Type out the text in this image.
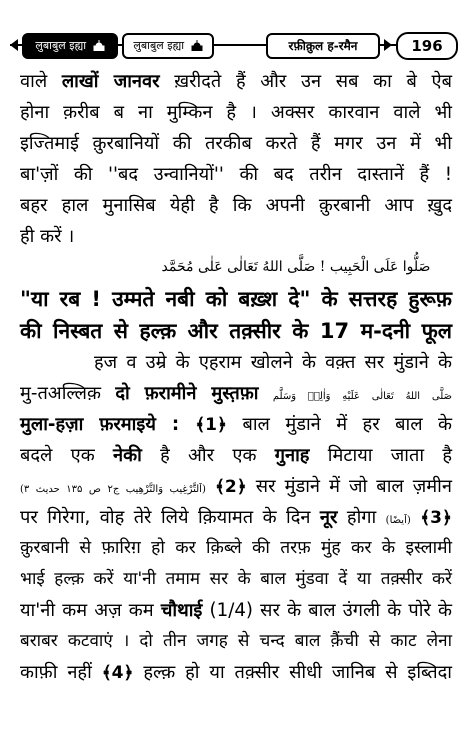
लुबाबुल इह्या	लुबाबुल इह्या	रफ़ीक़ुल ह-रमैन	196
वाले लाखों जानवर ख़रीदते हैं और उन सब का बे ऐब
होना क़रीब ब ना मुम्किन है । अक्सर कारवान वाले भी
इज्तिमाई क़ुरबानियों की तरकीब करते हैं मगर उन में भी
बा'ज़ों की ''बद उन्वानियों'' की बद तरीन दास्तानें हैं !
बहर हाल मुनासिब येही है कि अपनी क़ुरबानी आप ख़ुद
ही करें ।
صَلُّوا عَلَى الْحَبِیب ! صَلَّى اللهُ تَعَالٰی عَلٰی مُحَمَّد
"या रब ! उम्मते नबी को बख़्श दे" के सत्तरह हुरूफ़
की निस्बत से हल्क़ और तक़्सीर के 17 म-दनी फूल
हज व उम्रे के एहराम खोलने के वक़्त सर मुंडाने के
मु-तअल्लिक़ दो फ़रामीने मुस्त़फ़ा صَلَّى اللهُ تَعَالٰی عَلَیْهِ وَاٰلِهٖ وَسَلَّم
मुला-हज़ा फ़रमाइये : ﴾1﴿ बाल मुंडाने में हर बाल के
बदले एक नेकी है और एक गुनाह मिटाया जाता है
(اَلتَّرْغِیب وَالتَّرْھِیب ج۲ ص ۱۳۵ حدیث ۳) ﴾2﴿ सर मुंडाने में जो बाल ज़मीन
पर गिरेगा, वोह तेरे लिये क़ियामत के दिन नूर होगा (اَیضًا) ﴾3﴿
क़ुरबानी से फ़ारिग़ हो कर क़िब्ले की तरफ़ मुंह कर के इस्लामी
भाई हल्क़ करें या'नी तमाम सर के बाल मुंडवा दें या तक़्सीर करें
या'नी कम अज़ कम चौथाई (1/4) सर के बाल उंगली के पोरे के
बराबर कटवाएं । दो तीन जगह से चन्द बाल क़ैंची से काट लेना
काफ़ी नहीं ﴾4﴿ हल्क़ हो या तक़्सीर सीधी जानिब से इब्तिदा
